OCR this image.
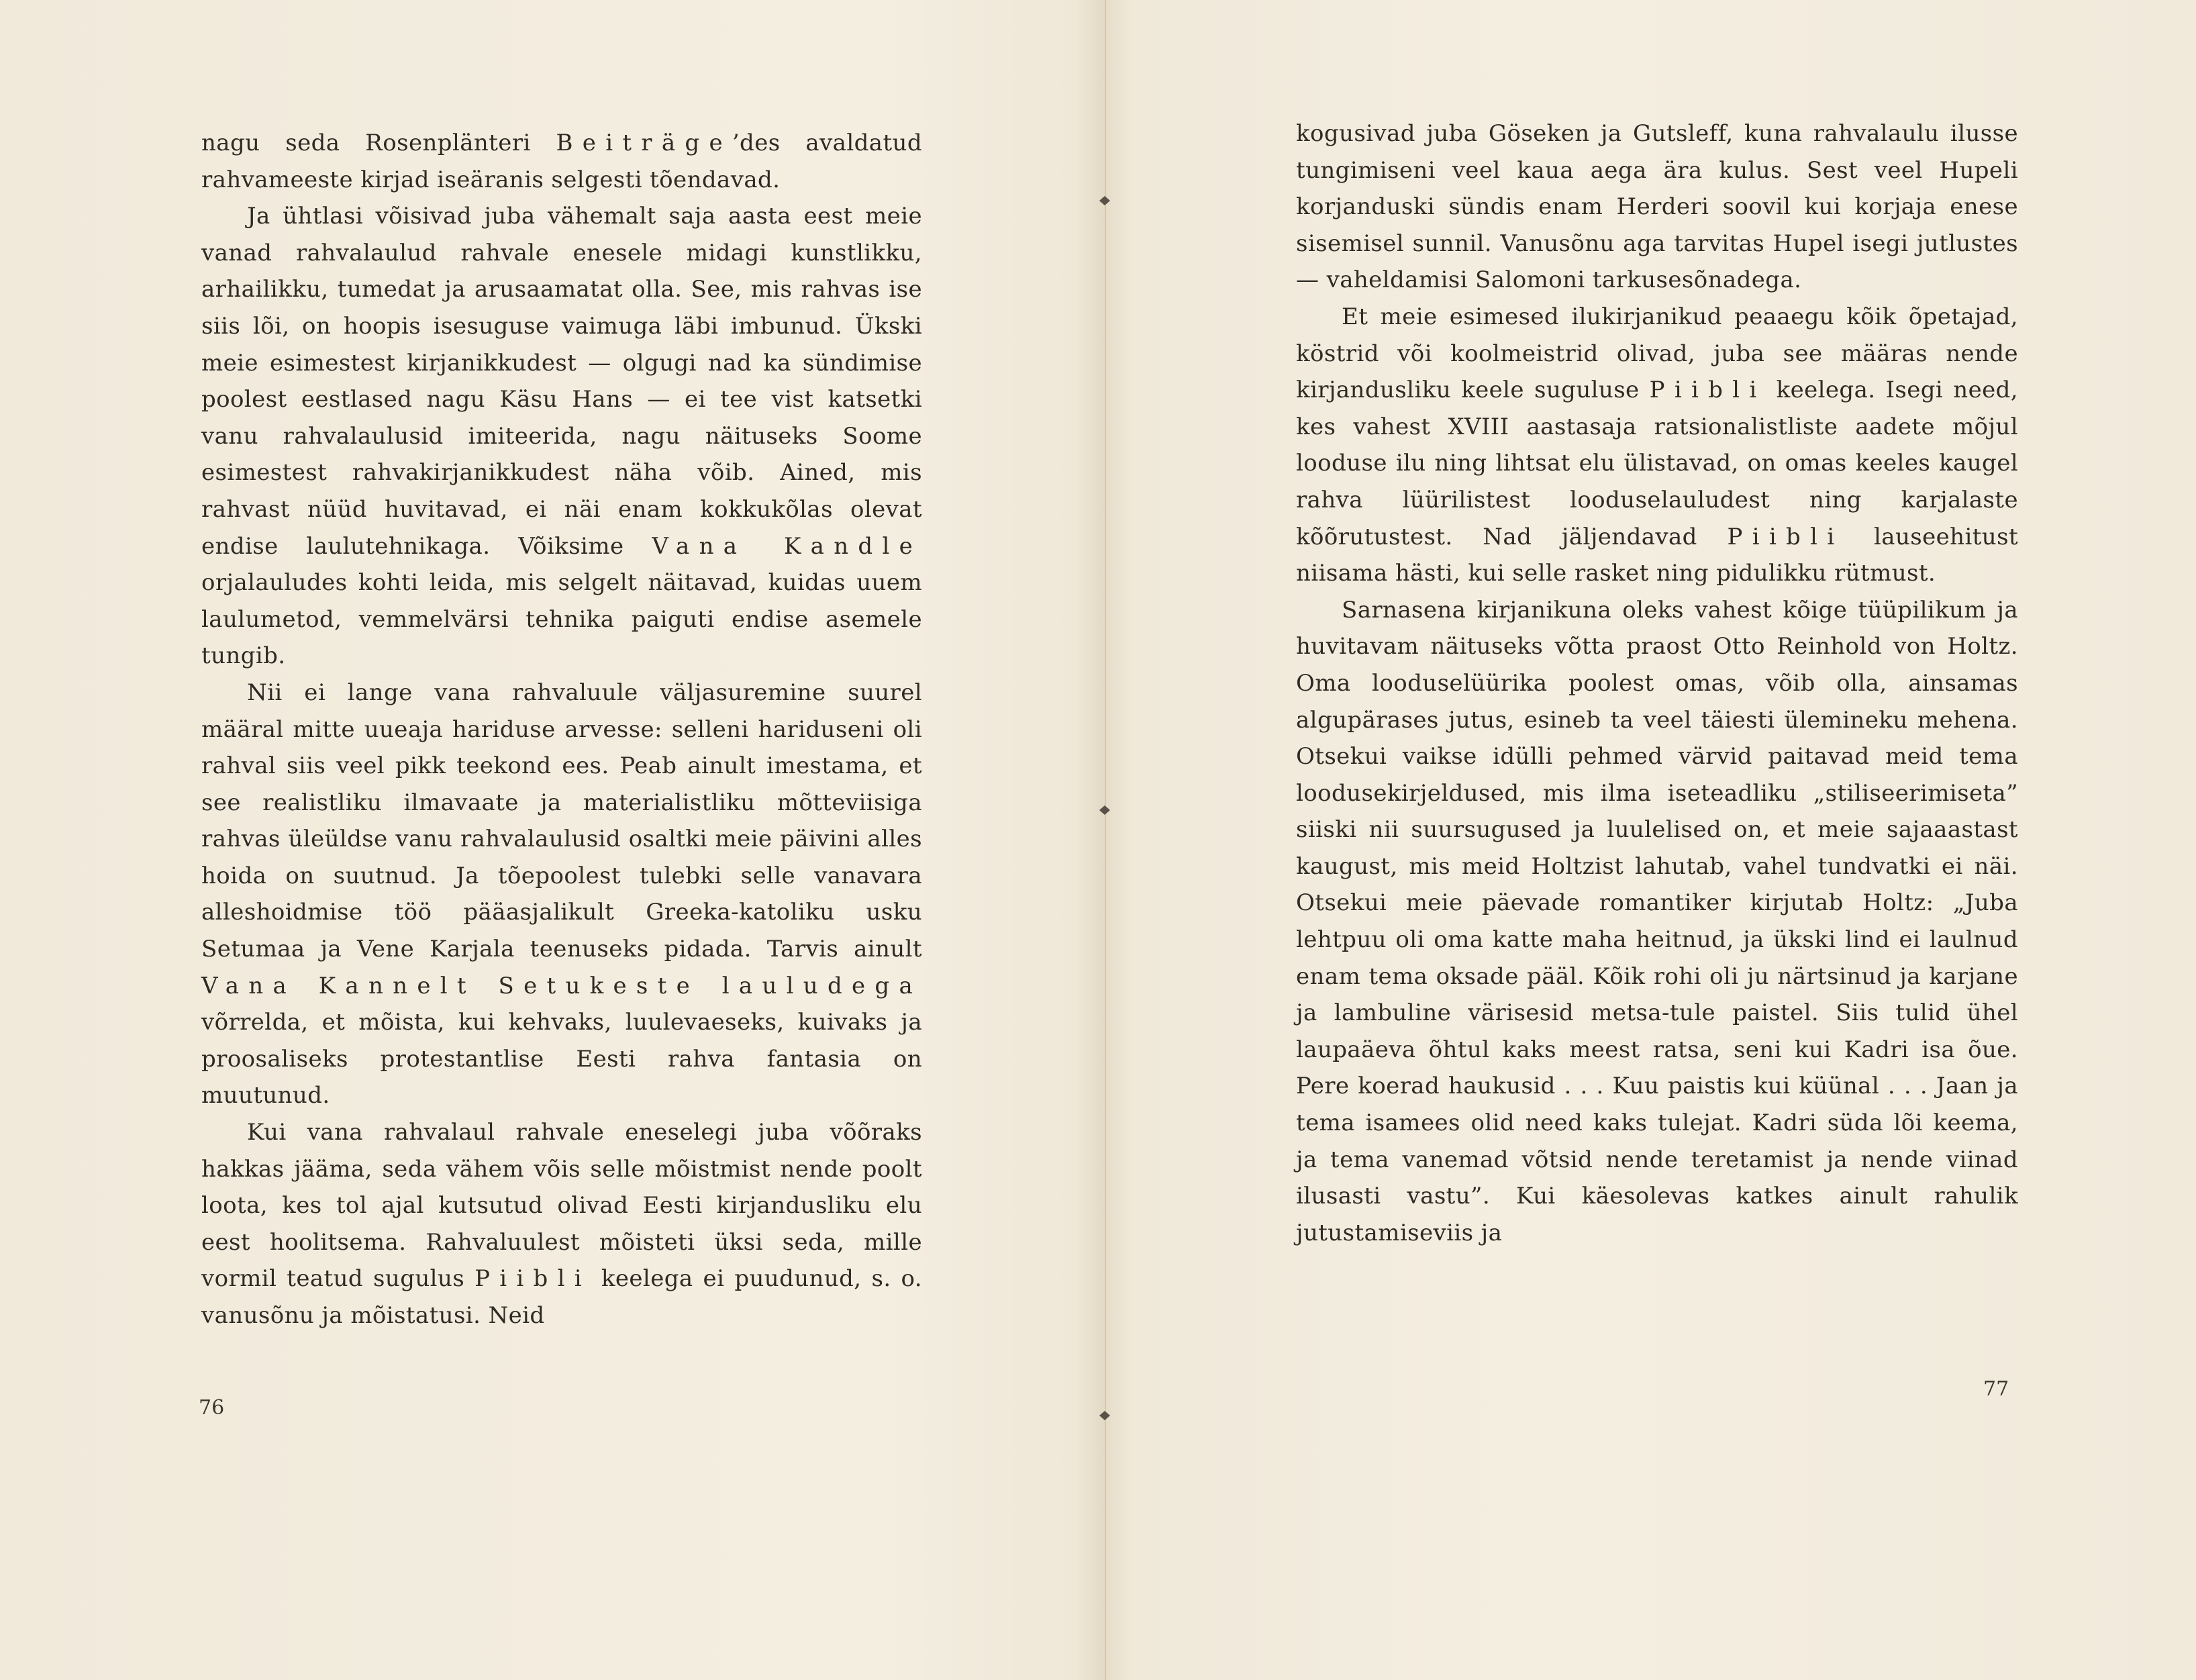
nagu seda Rosenplänteri Beiträge’des avaldatud rahvameeste kirjad iseäranis selgesti tõendavad.

Ja ühtlasi võisivad juba vähemalt saja aasta eest meie vanad rahvalaulud rahvale enesele midagi kunstlikku, arhailikku, tumedat ja arusaamatat olla. See, mis rahvas ise siis lõi, on hoopis isesuguse vaimuga läbi imbunud. Ükski meie esimestest kirjanikkudest — olgugi nad ka sündimise poolest eestlased nagu Käsu Hans — ei tee vist katsetki vanu rahvalaulusid imiteerida, nagu näituseks Soome esimestest rahvakirjanikkudest näha võib. Ained, mis rahvast nüüd huvitavad, ei näi enam kokkukõlas olevat endise laulutehnikaga. Võiksime Vana Kandle orjalauludes kohti leida, mis selgelt näitavad, kuidas uuem laulumetod, vemmelvärsi tehnika paiguti endise asemele tungib.

Nii ei lange vana rahvaluule väljasuremine suurel määral mitte uueaja hariduse arvesse: selleni hariduseni oli rahval siis veel pikk teekond ees. Peab ainult imestama, et see realistliku ilmavaate ja materialistliku mõtteviisiga rahvas üleüldse vanu rahvalaulusid osaltki meie päivini alles hoida on suutnud. Ja tõepoolest tulebki selle vanavara alleshoidmise töö pääasjalikult Greeka-katoliku usku Setumaa ja Vene Karjala teenuseks pidada. Tarvis ainult Vana Kannelt Setukeste lauludega võrrelda, et mõista, kui kehvaks, luulevaeseks, kuivaks ja proosaliseks protestantlise Eesti rahva fantasia on muutunud.

Kui vana rahvalaul rahvale eneselegi juba võõraks hakkas jääma, seda vähem võis selle mõistmist nende poolt loota, kes tol ajal kutsutud olivad Eesti kirjandusliku elu eest hoolitsema. Rahvaluulest mõisteti üksi seda, mille vormil teatud sugulus Piibli keelega ei puudunud, s. o. vanusõnu ja mõistatusi. Neid

76

kogusivad juba Göseken ja Gutsleff, kuna rahvalaulu ilusse tungimiseni veel kaua aega ära kulus. Sest veel Hupeli korjanduski sündis enam Herderi soovil kui korjaja enese sisemisel sunnil. Vanusõnu aga tarvitas Hupel isegi jutlustes — vaheldamisi Salomoni tarkusesõnadega.

Et meie esimesed ilukirjanikud peaaegu kõik õpetajad, köstrid või koolmeistrid olivad, juba see määras nende kirjandusliku keele suguluse Piibli keelega. Isegi need, kes vahest XVIII aastasaja ratsionalistliste aadete mõjul looduse ilu ning lihtsat elu ülistavad, on omas keeles kaugel rahva lüürilistest looduselauludest ning karjalaste kõõrutustest. Nad jäljendavad Piibli lauseehitust niisama hästi, kui selle rasket ning pidulikku rütmust.

Sarnasena kirjanikuna oleks vahest kõige tüüpilikum ja huvitavam näituseks võtta praost Otto Reinhold von Holtz. Oma looduselüürika poolest omas, võib olla, ainsamas algupärases jutus, esineb ta veel täiesti ülemineku mehena. Otsekui vaikse idülli pehmed värvid paitavad meid tema loodusekirjeldused, mis ilma iseteadliku „stiliseerimiseta” siiski nii suursugused ja luulelised on, et meie sajaaastast kaugust, mis meid Holtzist lahutab, vahel tundvatki ei näi. Otsekui meie päevade romantiker kirjutab Holtz: „Juba lehtpuu oli oma katte maha heitnud, ja ükski lind ei laulnud enam tema oksade pääl. Kõik rohi oli ju närtsinud ja karjane ja lambuline värisesid metsa-tule paistel. Siis tulid ühel laupaäeva õhtul kaks meest ratsa, seni kui Kadri isa õue. Pere koerad haukusid . . . Kuu paistis kui küünal . . . Jaan ja tema isamees olid need kaks tulejat. Kadri süda lõi keema, ja tema vanemad võtsid nende teretamist ja nende viinad ilusasti vastu”. Kui käesolevas katkes ainult rahulik jutustamiseviis ja

77
